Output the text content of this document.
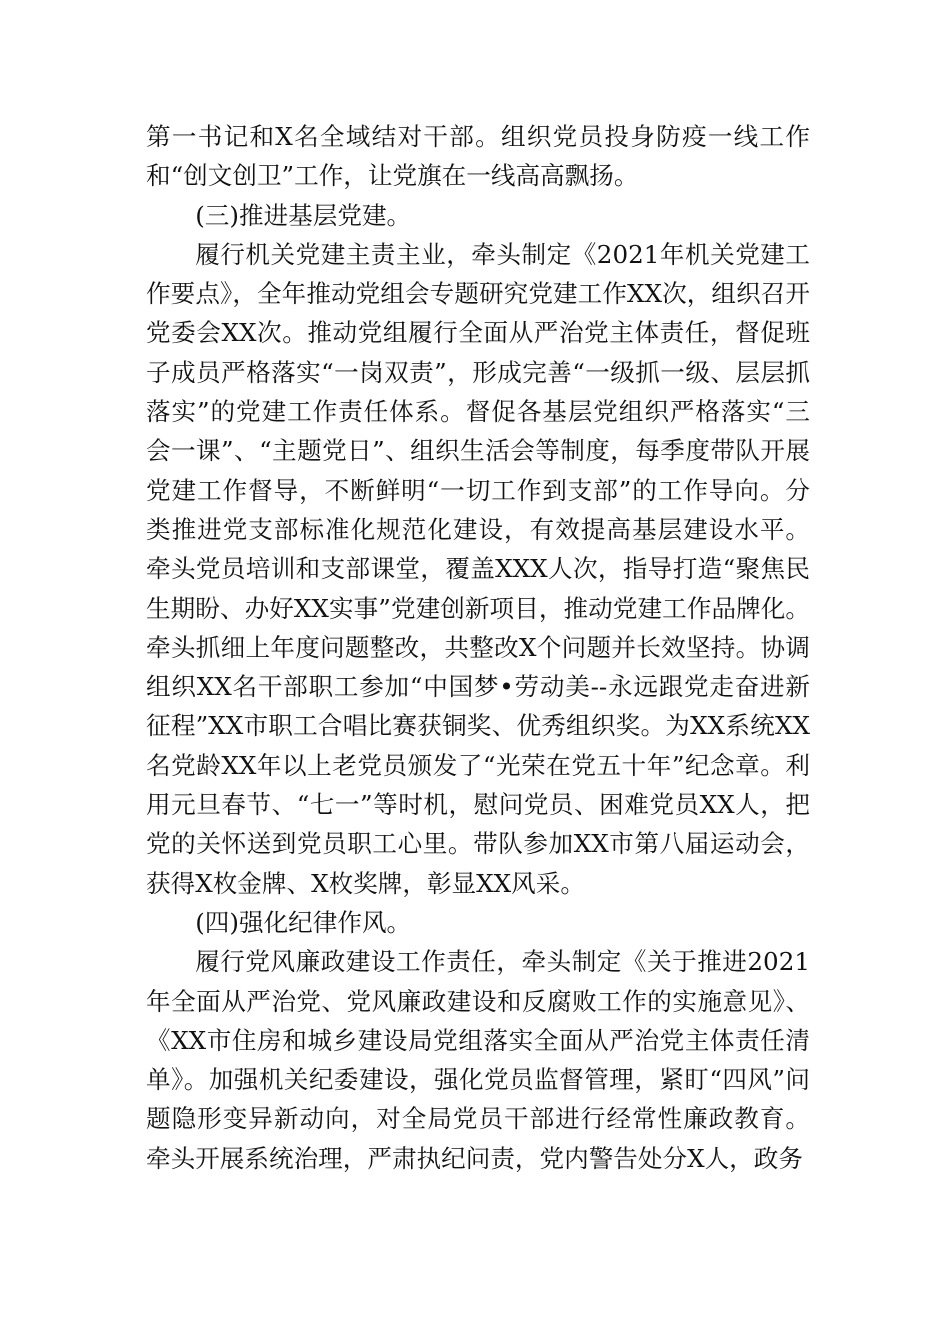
第一书记和X名全域结对干部。组织党员投身防疫一线工作和“创文创卫”工作，让党旗在一线高高飘扬。

(三)推进基层党建。

履行机关党建主责主业，牵头制定《2021年机关党建工作要点》，全年推动党组会专题研究党建工作XX次，组织召开党委会XX次。推动党组履行全面从严治党主体责任，督促班子成员严格落实“一岗双责”，形成完善“一级抓一级、层层抓落实”的党建工作责任体系。督促各基层党组织严格落实“三会一课”、“主题党日”、组织生活会等制度，每季度带队开展党建工作督导，不断鲜明“一切工作到支部”的工作导向。分类推进党支部标准化规范化建设，有效提高基层建设水平。牵头党员培训和支部课堂，覆盖XXX人次，指导打造“聚焦民生期盼、办好XX实事”党建创新项目，推动党建工作品牌化。牵头抓细上年度问题整改，共整改X个问题并长效坚持。协调组织XX名干部职工参加“中国梦•劳动美--永远跟党走奋进新征程”XX市职工合唱比赛获铜奖、优秀组织奖。为XX系统XX名党龄XX年以上老党员颁发了“光荣在党五十年”纪念章。利用元旦春节、“七一”等时机，慰问党员、困难党员XX人，把党的关怀送到党员职工心里。带队参加XX市第八届运动会，获得X枚金牌、X枚奖牌，彰显XX风采。

(四)强化纪律作风。

履行党风廉政建设工作责任，牵头制定《关于推进2021年全面从严治党、党风廉政建设和反腐败工作的实施意见》、《XX市住房和城乡建设局党组落实全面从严治党主体责任清单》。加强机关纪委建设，强化党员监督管理，紧盯“四风”问题隐形变异新动向，对全局党员干部进行经常性廉政教育。牵头开展系统治理，严肃执纪问责，党内警告处分X人，政务
